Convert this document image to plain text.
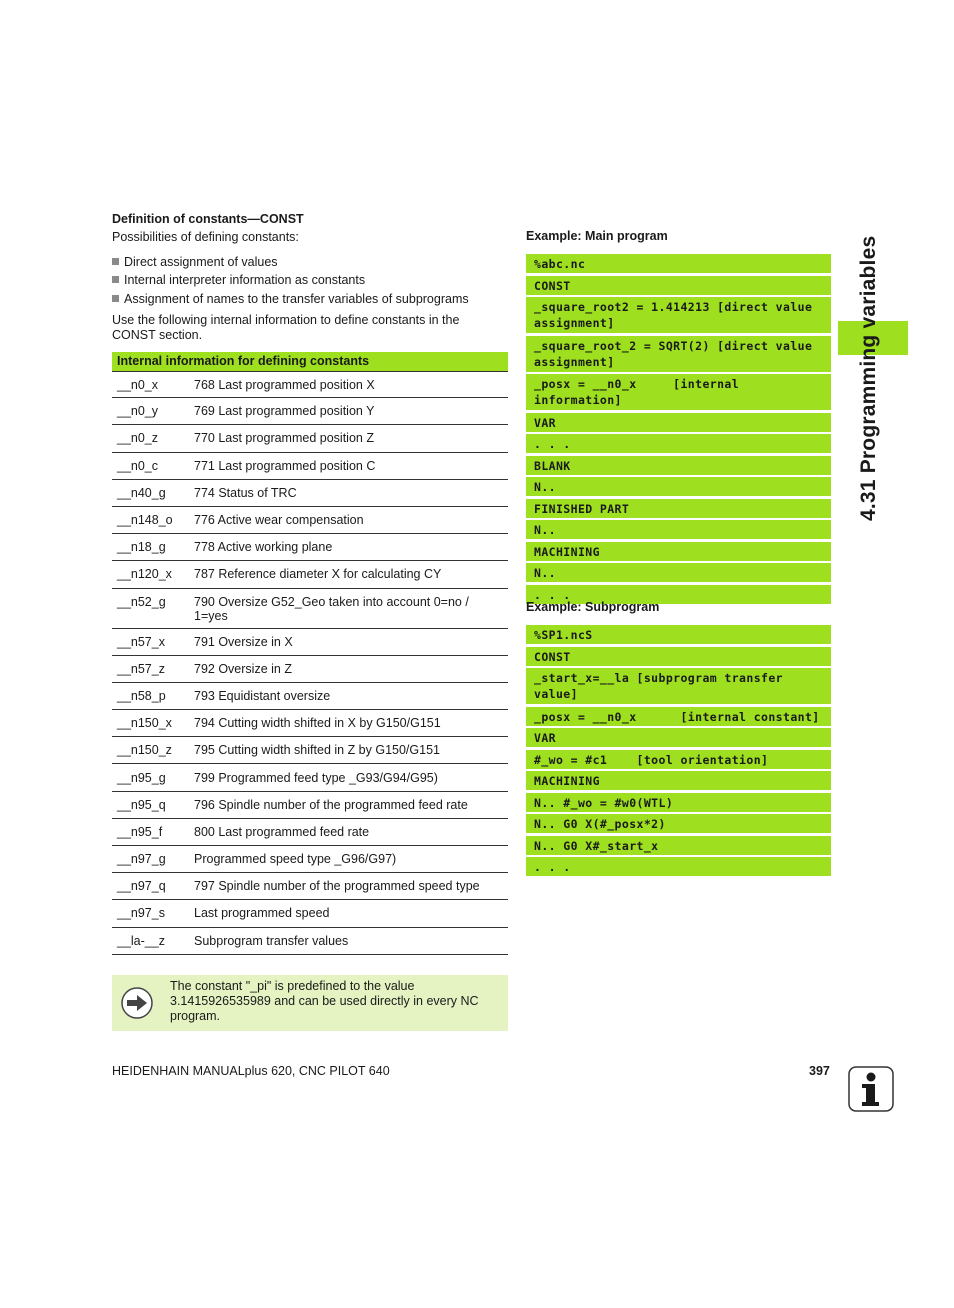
Definition of constants—CONST
Possibilities of defining constants:
Direct assignment of values
Internal interpreter information as constants
Assignment of names to the transfer variables of subprograms
Use the following internal information to define constants in the CONST section.
Internal information for defining constants
__n0_x	768 Last programmed position X
__n0_y	769 Last programmed position Y
__n0_z	770 Last programmed position Z
__n0_c	771 Last programmed position C
__n40_g	774 Status of TRC
__n148_o	776 Active wear compensation
__n18_g	778 Active working plane
__n120_x	787 Reference diameter X for calculating CY
__n52_g	790 Oversize G52_Geo taken into account 0=no / 1=yes
__n57_x	791 Oversize in X
__n57_z	792 Oversize in Z
__n58_p	793 Equidistant oversize
__n150_x	794 Cutting width shifted in X by G150/G151
__n150_z	795 Cutting width shifted in Z by G150/G151
__n95_g	799 Programmed feed type _G93/G94/G95)
__n95_q	796 Spindle number of the programmed feed rate
__n95_f	800 Last programmed feed rate
__n97_g	Programmed speed type _G96/G97)
__n97_q	797 Spindle number of the programmed speed type
__n97_s	Last programmed speed
__la-__z	Subprogram transfer values
The constant "_pi" is predefined to the value 3.1415926535989 and can be used directly in every NC program.
Example: Main program
%abc.nc
CONST
_square_root2 = 1.414213 [direct value assignment]
_square_root_2 = SQRT(2) [direct value assignment]
_posx = __n0_x     [internal information]
VAR
. . .
BLANK
N..
FINISHED PART
N..
MACHINING
N..
. . .
Example: Subprogram
%SP1.ncS
CONST
_start_x=__la [subprogram transfer value]
_posx = __n0_x      [internal constant]
VAR
#_wo = #c1    [tool orientation]
MACHINING
N.. #_wo = #w0(WTL)
N.. G0 X(#_posx*2)
N.. G0 X#_start_x
. . .
4.31 Programming variables
HEIDENHAIN MANUALplus 620, CNC PILOT 640	397
